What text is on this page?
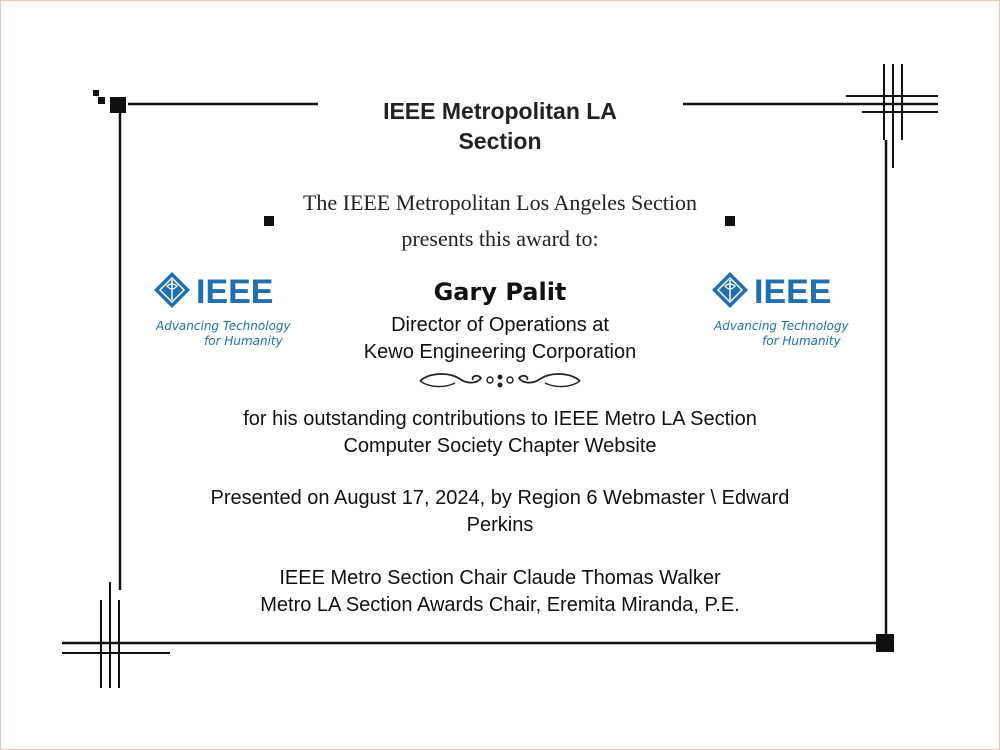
IEEE Metropolitan LA
Section
The IEEE Metropolitan Los Angeles Section
presents this award to:
IEEE
Advancing Technology
for Humanity
IEEE
Advancing Technology
for Humanity
Gary Palit
Director of Operations at
Kewo Engineering Corporation
for his outstanding contributions to IEEE Metro LA Section
Computer Society Chapter Website
Presented on August 17, 2024, by Region 6 Webmaster \ Edward
Perkins
IEEE Metro Section Chair Claude Thomas Walker
Metro LA Section Awards Chair, Eremita Miranda, P.E.
